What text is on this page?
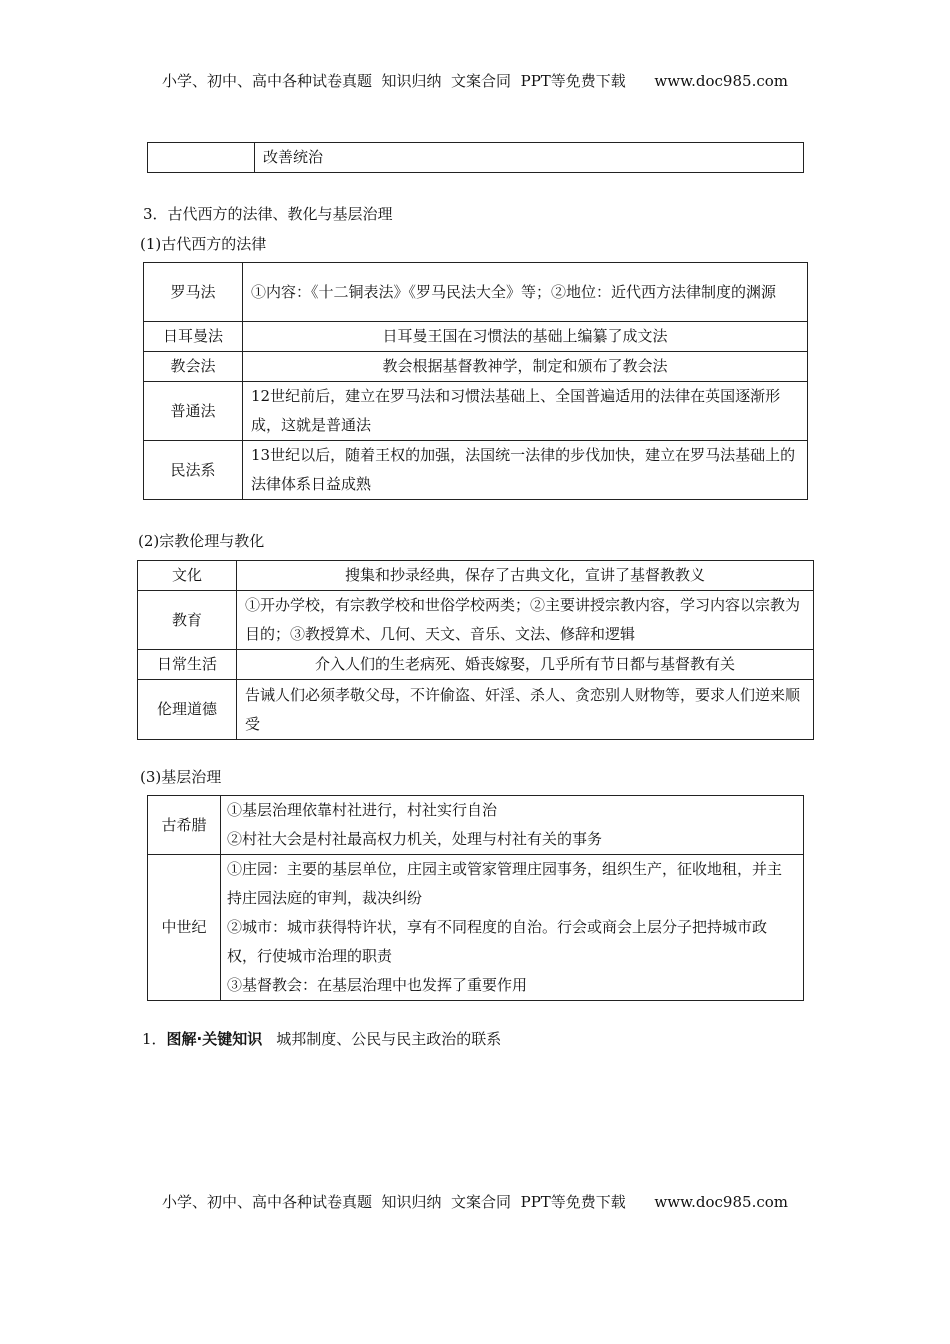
小学、初中、高中各种试卷真题  知识归纳  文案合同  PPT等免费下载      www.doc985.com
	改善统治
3．古代西方的法律、教化与基层治理
(1)古代西方的法律
罗马法	①内容：《十二铜表法》《罗马民法大全》等；②地位：近代西方法律制度的渊源
日耳曼法	日耳曼王国在习惯法的基础上编纂了成文法
教会法	教会根据基督教神学，制定和颁布了教会法
普通法	12世纪前后，建立在罗马法和习惯法基础上、全国普遍适用的法律在英国逐渐形成，这就是普通法
民法系	13世纪以后，随着王权的加强，法国统一法律的步伐加快，建立在罗马法基础上的法律体系日益成熟
(2)宗教伦理与教化
文化	搜集和抄录经典，保存了古典文化，宣讲了基督教教义
教育	①开办学校，有宗教学校和世俗学校两类；②主要讲授宗教内容，学习内容以宗教为目的；③教授算术、几何、天文、音乐、文法、修辞和逻辑
日常生活	介入人们的生老病死、婚丧嫁娶，几乎所有节日都与基督教有关
伦理道德	告诫人们必须孝敬父母，不许偷盗、奸淫、杀人、贪恋别人财物等，要求人们逆来顺受
(3)基层治理
古希腊	①基层治理依靠村社进行，村社实行自治
②村社大会是村社最高权力机关，处理与村社有关的事务

中世纪	①庄园：主要的基层单位，庄园主或管家管理庄园事务，组织生产，征收地租，并主持庄园法庭的审判，裁决纠纷
②城市：城市获得特许状，享有不同程度的自治。行会或商会上层分子把持城市政权，行使城市治理的职责
③基督教会：在基层治理中也发挥了重要作用
1．图解·关键知识 城邦制度、公民与民主政治的联系
小学、初中、高中各种试卷真题  知识归纳  文案合同  PPT等免费下载      www.doc985.com
